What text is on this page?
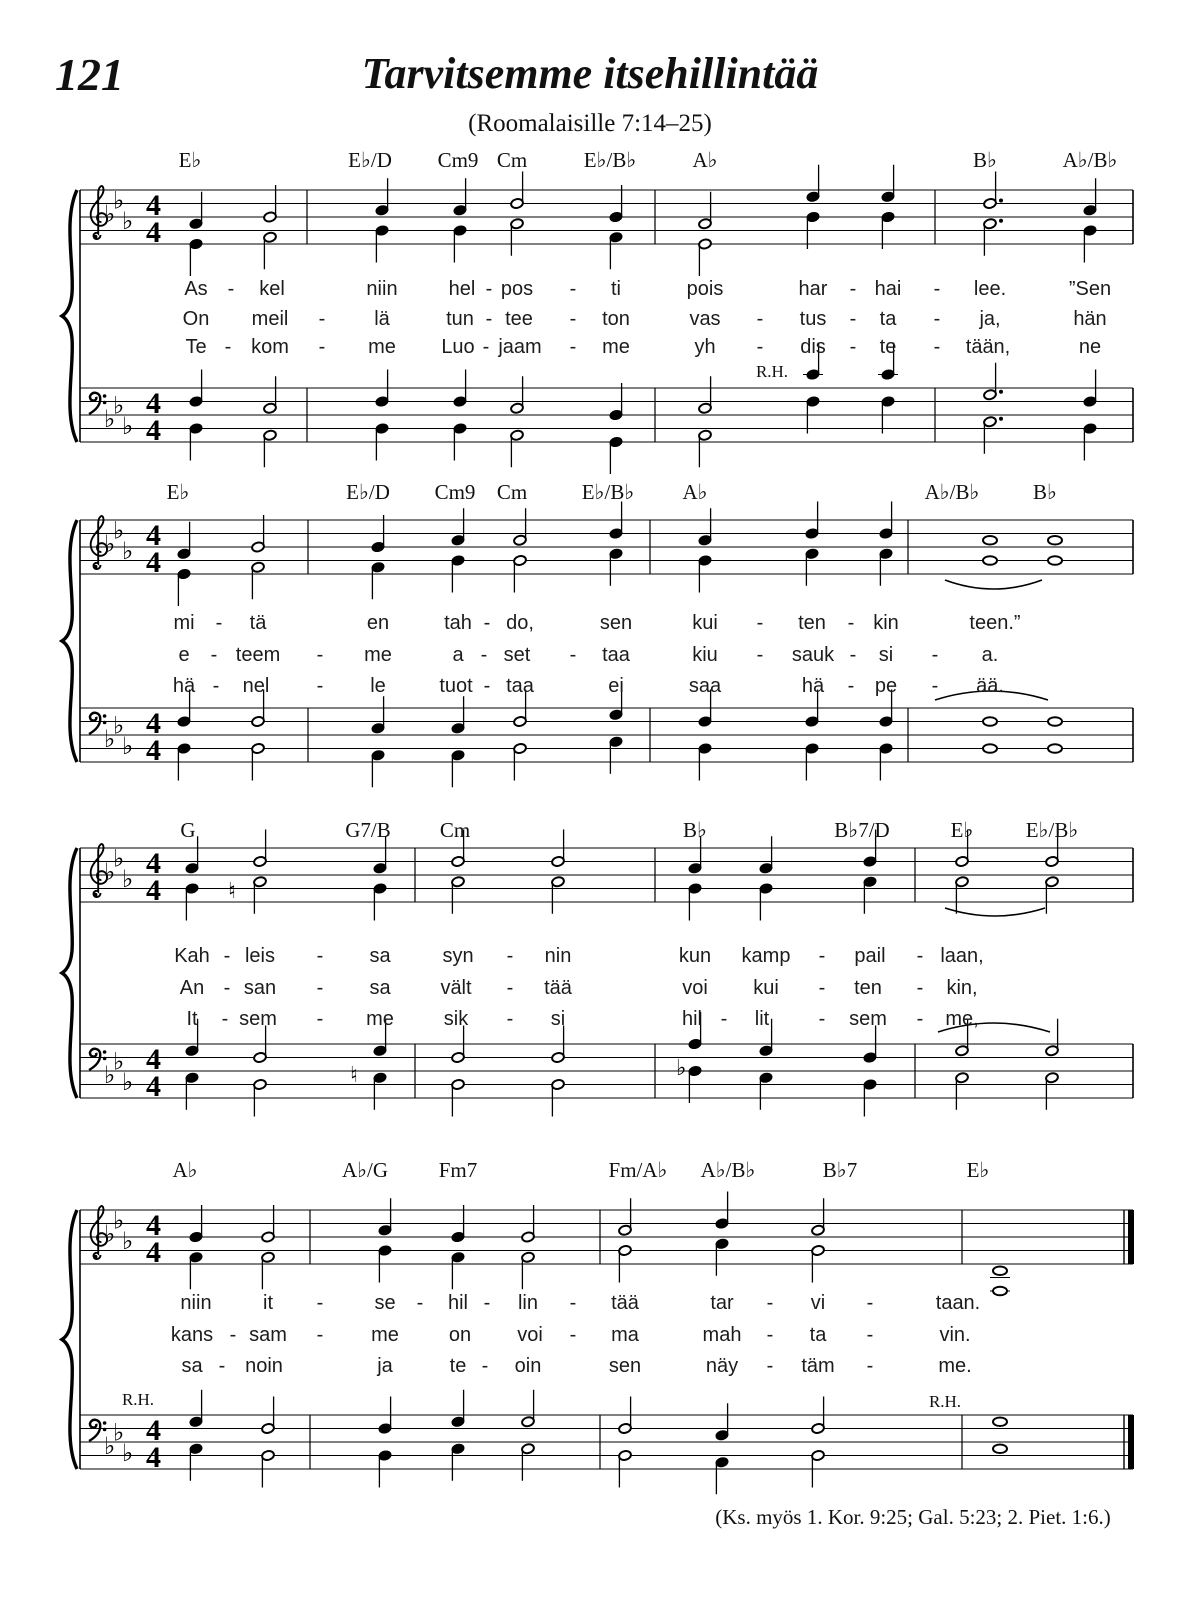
♭
♭
♭
♭
♭
♭
4
4
4
4
♭
♭
♭
♭
♭
♭
4
4
4
4
♭
♭
♭
♭
♭
♭
4
4
4
4
♮
♮	♭
♭
♭
♭
♭
♭
♭
4
4
4
4
121	Tarvitsemme itsehillintää
(Roomalaisille 7:14–25)
E♭	E♭/D Cm9 Cm	E♭/B♭	A♭	B♭	A♭/B♭
R.H.
As - kel	niin	hel - pos - ti	pois	har - hai - lee.	”Sen
On meil - lä	tun - tee - ton	vas - tus - ta - ja,	hän
Te - kom - me Luo - jaam - me	yh - dis - te - tään,	ne
E♭	E♭/D Cm9 Cm	E♭/B♭ A♭	A♭/B♭	B♭
mi - tä	en	tah - do,	sen	kui - ten - kin	teen.”
e - teem - me	a - set - taa	kiu - sauk - si - a.
hä - nel - le	tuot - taa	ei	saa	hä - pe - ää.
G	G7/B Cm	B♭	B♭7/D	E♭ E♭/B♭
Kah - leis - sa	syn - nin	kun kamp - pail - laan,
An - san - sa vält - tää	voi kui - ten - kin,
It - sem - me sik - si	hil - lit - sem - me,
A♭	A♭/G Fm7	Fm/A♭ A♭/B♭	B♭7	E♭
R.H.	R.H.
niin	it -	se - hil - lin - tää	tar - vi -	taan.
kans - sam - me on voi - ma	mah - ta -	vin.
sa - noin	ja	te - oin	sen	näy - täm -	me.
(Ks. myös 1. Kor. 9:25; Gal. 5:23; 2. Piet. 1:6.)
